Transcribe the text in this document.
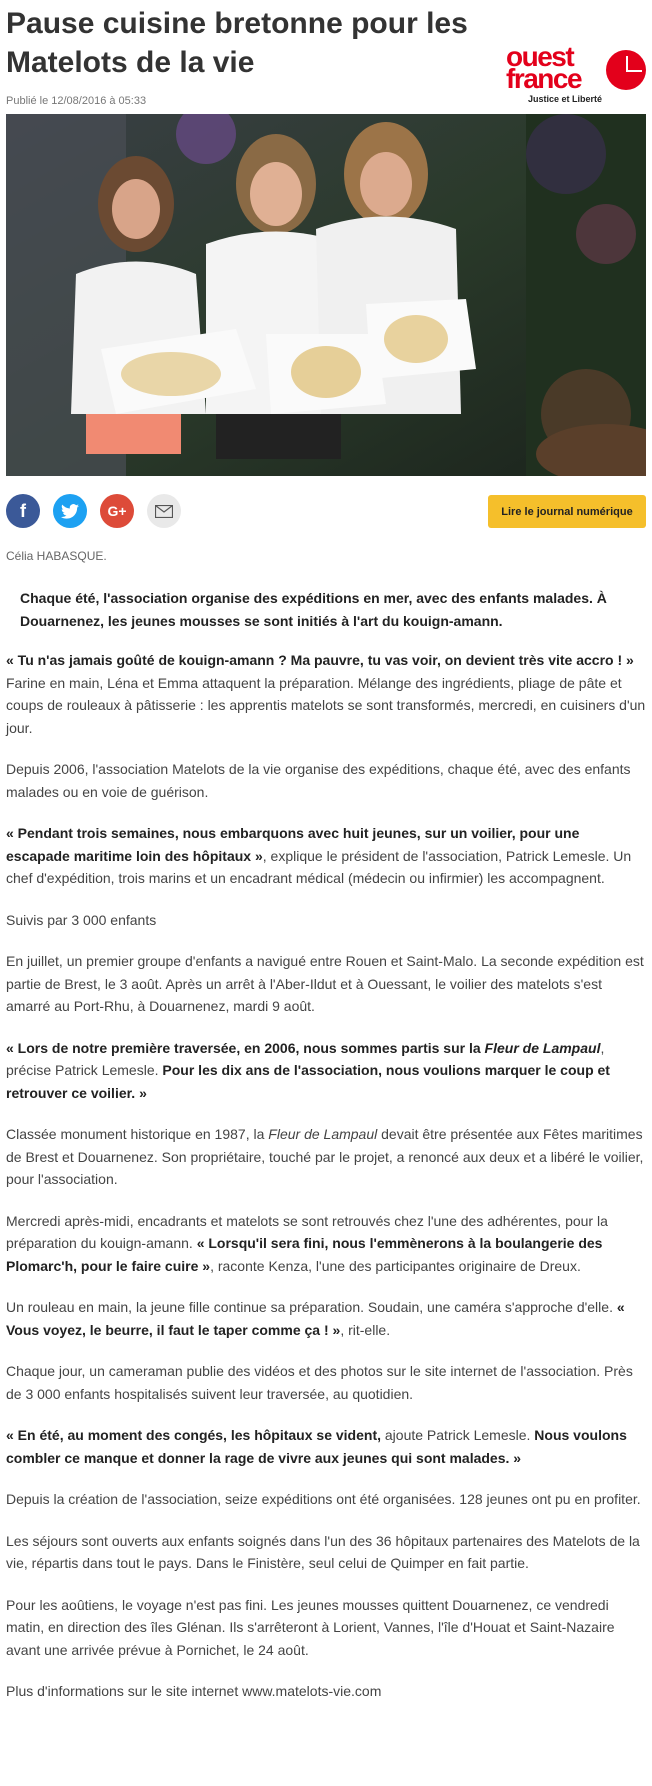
Pause cuisine bretonne pour les Matelots de la vie
Publié le 12/08/2016 à 05:33
ouest
france
Justice et Liberté
f	G+	Lire le journal numérique
Célia HABASQUE.
Chaque été, l'association organise des expéditions en mer, avec des enfants malades. À Douarnenez, les jeunes mousses se sont initiés à l'art du kouign-amann.

« Tu n'as jamais goûté de kouign-amann ? Ma pauvre, tu vas voir, on devient très vite accro ! » Farine en main, Léna et Emma attaquent la préparation. Mélange des ingrédients, pliage de pâte et coups de rouleaux à pâtisserie : les apprentis matelots se sont transformés, mercredi, en cuisiners d'un jour.

Depuis 2006, l'association Matelots de la vie organise des expéditions, chaque été, avec des enfants malades ou en voie de guérison.

« Pendant trois semaines, nous embarquons avec huit jeunes, sur un voilier, pour une escapade maritime loin des hôpitaux », explique le président de l'association, Patrick Lemesle. Un chef d'expédition, trois marins et un encadrant médical (médecin ou infirmier) les accompagnent.

Suivis par 3 000 enfants

En juillet, un premier groupe d'enfants a navigué entre Rouen et Saint-Malo. La seconde expédition est partie de Brest, le 3 août. Après un arrêt à l'Aber-Ildut et à Ouessant, le voilier des matelots s'est amarré au Port-Rhu, à Douarnenez, mardi 9 août.

« Lors de notre première traversée, en 2006, nous sommes partis sur la Fleur de Lampaul, précise Patrick Lemesle. Pour les dix ans de l'association, nous voulions marquer le coup et retrouver ce voilier. »

Classée monument historique en 1987, la Fleur de Lampaul devait être présentée aux Fêtes maritimes de Brest et Douarnenez. Son propriétaire, touché par le projet, a renoncé aux deux et a libéré le voilier, pour l'association.

Mercredi après-midi, encadrants et matelots se sont retrouvés chez l'une des adhérentes, pour la préparation du kouign-amann. « Lorsqu'il sera fini, nous l'emmènerons à la boulangerie des Plomarc'h, pour le faire cuire », raconte Kenza, l'une des participantes originaire de Dreux.

Un rouleau en main, la jeune fille continue sa préparation. Soudain, une caméra s'approche d'elle. « Vous voyez, le beurre, il faut le taper comme ça ! », rit-elle.

Chaque jour, un cameraman publie des vidéos et des photos sur le site internet de l'association. Près de 3 000 enfants hospitalisés suivent leur traversée, au quotidien.

« En été, au moment des congés, les hôpitaux se vident, ajoute Patrick Lemesle. Nous voulons combler ce manque et donner la rage de vivre aux jeunes qui sont malades. »

Depuis la création de l'association, seize expéditions ont été organisées. 128 jeunes ont pu en profiter.

Les séjours sont ouverts aux enfants soignés dans l'un des 36 hôpitaux partenaires des Matelots de la vie, répartis dans tout le pays. Dans le Finistère, seul celui de Quimper en fait partie.

Pour les aoûtiens, le voyage n'est pas fini. Les jeunes mousses quittent Douarnenez, ce vendredi matin, en direction des îles Glénan. Ils s'arrêteront à Lorient, Vannes, l'île d'Houat et Saint-Nazaire avant une arrivée prévue à Pornichet, le 24 août.

Plus d'informations sur le site internet www.matelots-vie.com
